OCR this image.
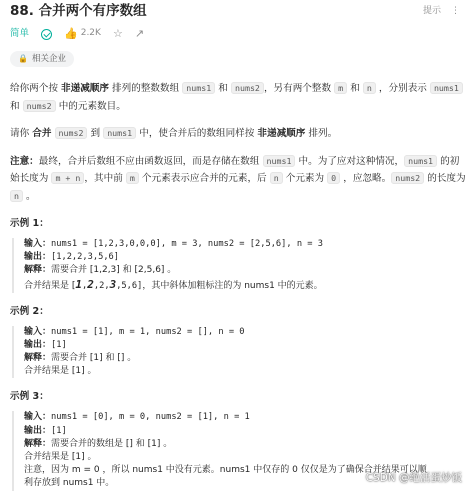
88. 合并两个有序数组	提示 ⋮
简单	👍 2.2K ☆ ↗
🔒 相关企业

给你两个按 非递减顺序 排列的整数数组 nums1 和 nums2 ，另有两个整数 m 和 n ，分别表示 nums1 和 nums2 中的元素数目。

请你 合并 nums2 到 nums1 中，使合并后的数组同样按 非递减顺序 排列。

注意：最终，合并后数组不应由函数返回，而是存储在数组 nums1 中。为了应对这种情况， nums1 的初始长度为 m + n ，其中前 m 个元素表示应合并的元素，后 n 个元素为 0 ，应忽略。 nums2 的长度为 n 。

示例 1：
输入：nums1 = [1,2,3,0,0,0], m = 3, nums2 = [2,5,6], n = 3
输出：[1,2,2,3,5,6]
解释：需要合并 [1,2,3] 和 [2,5,6] 。
合并结果是 [1,2,2,3,5,6]，其中斜体加粗标注的为 nums1 中的元素。
示例 2：
输入：nums1 = [1], m = 1, nums2 = [], n = 0
输出：[1]
解释：需要合并 [1] 和 [] 。
合并结果是 [1] 。
示例 3：
输入：nums1 = [0], m = 0, nums2 = [1], n = 1
输出：[1]
解释：需要合并的数组是 [] 和 [1] 。
合并结果是 [1] 。
注意，因为 m = 0 ，所以 nums1 中没有元素。nums1 中仅存的 0 仅仅是为了确保合并结果可以顺
利存放到 nums1 中。	CSDN @绝活蛋炒饭
